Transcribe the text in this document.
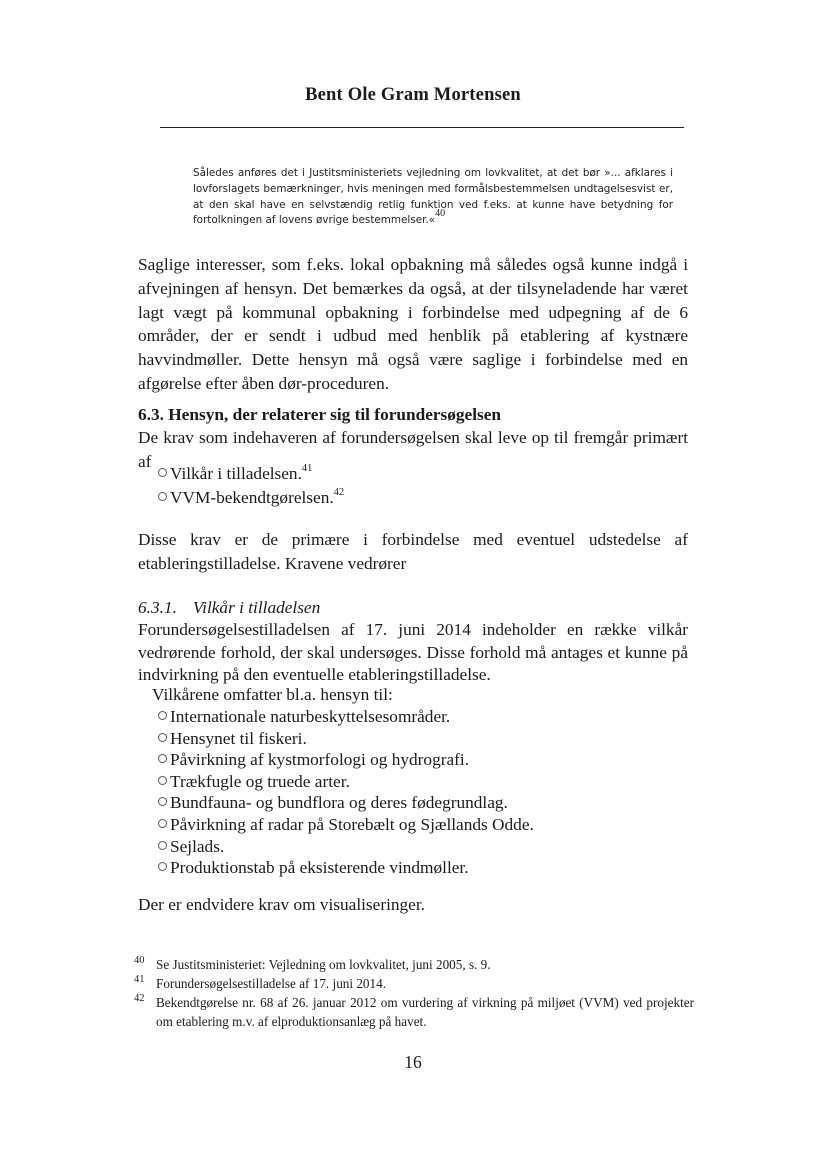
Bent Ole Gram Mortensen
Således anføres det i Justitsministeriets vejledning om lovkvalitet, at det bør »... afklares i lovforslagets bemærkninger, hvis meningen med formålsbestemmelsen undtagelsesvist er, at den skal have en selvstændig retlig funktion ved f.eks. at kunne have betydning for fortolkningen af lovens øvrige bestemmelser.«40
Saglige interesser, som f.eks. lokal opbakning må således også kunne indgå i afvejningen af hensyn. Det bemærkes da også, at der tilsyneladende har været lagt vægt på kommunal opbakning i forbindelse med udpegning af de 6 områder, der er sendt i udbud med henblik på etablering af kystnære havvindmøller. Dette hensyn må også være saglige i forbindelse med en afgørelse efter åben dør-proceduren.
6.3. Hensyn, der relaterer sig til forundersøgelsen
De krav som indehaveren af forundersøgelsen skal leve op til fremgår primært af
Vilkår i tilladelsen.$^{41}$
VVM-bekendtgørelsen.$^{42}$
Disse krav er de primære i forbindelse med eventuel udstedelse af etableringstilladelse. Kravene vedrører
6.3.1. Vilkår i tilladelsen
Forundersøgelsestilladelsen af 17. juni 2014 indeholder en række vilkår vedrørende forhold, der skal undersøges. Disse forhold må antages et kunne på indvirkning på den eventuelle etableringstilladelse.
Vilkårene omfatter bl.a. hensyn til:
Internationale naturbeskyttelsesområder.
Hensynet til fiskeri.
Påvirkning af kystmorfologi og hydrografi.
Trækfugle og truede arter.
Bundfauna- og bundflora og deres fødegrundlag.
Påvirkning af radar på Storebælt og Sjællands Odde.
Sejlads.
Produktionstab på eksisterende vindmøller.
Der er endvidere krav om visualiseringer.
40 Se Justitsministeriet: Vejledning om lovkvalitet, juni 2005, s. 9.
41 Forundersøgelsestilladelse af 17. juni 2014.
42 Bekendtgørelse nr. 68 af 26. januar 2012 om vurdering af virkning på miljøet (VVM) ved projekter om etablering m.v. af elproduktionsanlæg på havet.
16
